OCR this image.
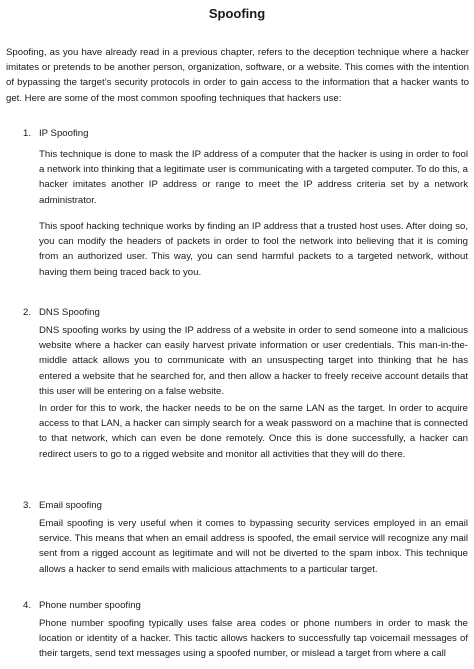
Spoofing

Spoofing, as you have already read in a previous chapter, refers to the deception technique where a hacker imitates or pretends to be another person, organization, software, or a website. This comes with the intention of bypassing the target’s security protocols in order to gain access to the information that a hacker wants to get. Here are some of the most common spoofing techniques that hackers use:

1. IP Spoofing

This technique is done to mask the IP address of a computer that the hacker is using in order to fool a network into thinking that a legitimate user is communicating with a targeted computer. To do this, a hacker imitates another IP address or range to meet the IP address criteria set by a network administrator.

This spoof hacking technique works by finding an IP address that a trusted host uses. After doing so, you can modify the headers of packets in order to fool the network into believing that it is coming from an authorized user. This way, you can send harmful packets to a targeted network, without having them being traced back to you.

2. DNS Spoofing

DNS spoofing works by using the IP address of a website in order to send someone into a malicious website where a hacker can easily harvest private information or user credentials. This man-in-the-middle attack allows you to communicate with an unsuspecting target into thinking that he has entered a website that he searched for, and then allow a hacker to freely receive account details that this user will be entering on a false website.

In order for this to work, the hacker needs to be on the same LAN as the target. In order to acquire access to that LAN, a hacker can simply search for a weak password on a machine that is connected to that network, which can even be done remotely. Once this is done successfully, a hacker can redirect users to go to a rigged website and monitor all activities that they will do there.

3. Email spoofing

Email spoofing is very useful when it comes to bypassing security services employed in an email service. This means that when an email address is spoofed, the email service will recognize any mail sent from a rigged account as legitimate and will not be diverted to the spam inbox. This technique allows a hacker to send emails with malicious attachments to a particular target.

4. Phone number spoofing

Phone number spoofing typically uses false area codes or phone numbers in order to mask the location or identity of a hacker. This tactic allows hackers to successfully tap voicemail messages of their targets, send text messages using a spoofed number, or mislead a target from where a call
